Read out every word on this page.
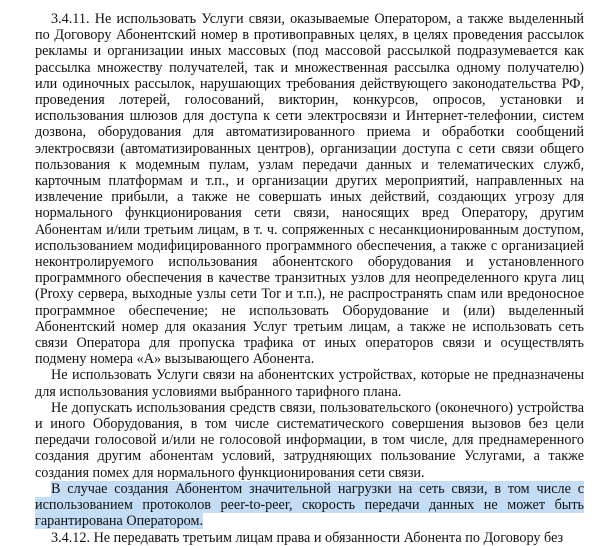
3.4.11. Не использовать Услуги связи, оказываемые Оператором, а также выделенный по Договору Абонентский номер в противоправных целях, в целях проведения рассылок рекламы и организации иных массовых (под массовой рассылкой подразумевается как рассылка множеству получателей, так и множественная рассылка одному получателю) или одиночных рассылок, нарушающих требования действующего законодательства РФ, проведения лотерей, голосований, викторин, конкурсов, опросов, установки и использования шлюзов для доступа к сети электросвязи и Интернет-телефонии, систем дозвона, оборудования для автоматизированного приема и обработки сообщений электросвязи (автоматизированных центров), организации доступа с сети связи общего пользования к модемным пулам, узлам передачи данных и телематических служб, карточным платформам и т.п., и организации других мероприятий, направленных на извлечение прибыли, а также не совершать иных действий, создающих угрозу для нормального функционирования сети связи, наносящих вред Оператору, другим Абонентам и/или третьим лицам, в т. ч. сопряженных с несанкционированным доступом, использованием модифицированного программного обеспечения, а также с организацией неконтролируемого использования абонентского оборудования и установленного программного обеспечения в качестве транзитных узлов для неопределенного круга лиц (Proxy сервера, выходные узлы сети Tor и т.п.), не распространять спам или вредоносное программное обеспечение; не использовать Оборудование и (или) выделенный Абонентский номер для оказания Услуг третьим лицам, а также не использовать сеть связи Оператора для пропуска трафика от иных операторов связи и осуществлять подмену номера «А» вызывающего Абонента.

Не использовать Услуги связи на абонентских устройствах, которые не предназначены для использования условиями выбранного тарифного плана.

Не допускать использования средств связи, пользовательского (оконечного) устройства и иного Оборудования, в том числе систематического совершения вызовов без цели передачи голосовой и/или не голосовой информации, в том числе, для преднамеренного создания другим абонентам условий, затрудняющих пользование Услугами, а также создания помех для нормального функционирования сети связи.

В случае создания Абонентом значительной нагрузки на сеть связи, в том числе с использованием протоколов peer-to-peer, скорость передачи данных не может быть гарантирована Оператором.

3.4.12. Не передавать третьим лицам права и обязанности Абонента по Договору без
